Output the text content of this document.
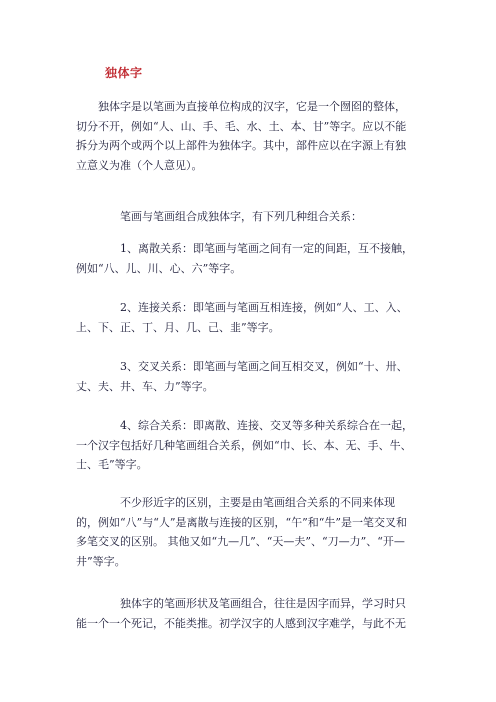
独体字
　　独体字是以笔画为直接单位构成的汉字，它是一个囫囵的整体，
切分不开，例如“人、山、手、毛、水、土、本、甘”等字。应以不能
拆分为两个或两个以上部件为独体字。其中，部件应以在字源上有独
立意义为准（个人意见）。
　　　　笔画与笔画组合成独体字，有下列几种组合关系：
　　　　1、离散关系：即笔画与笔画之间有一定的间距，互不接触，
例如“八、儿、川、心、六”等字。
　　　　2、连接关系：即笔画与笔画互相连接，例如“人、工、入、
上、下、正、丁、月、几、己、韭”等字。
　　　　3、交叉关系：即笔画与笔画之间互相交叉，例如“十、卅、
丈、夫、井、车、力”等字。
　　　　4、综合关系：即离散、连接、交叉等多种关系综合在一起，
一个汉字包括好几种笔画组合关系，例如“巾、长、本、无、手、牛、
士、毛”等字。
　　　　不少形近字的区别，主要是由笔画组合关系的不同来体现
的，例如“八”与“人”是离散与连接的区别，“午”和“牛”是一笔交叉和
多笔交叉的区别。 其他又如“九—几”、“天—夫”、“刀—力”、“开—
井”等字。
　　　　独体字的笔画形状及笔画组合，往往是因字而异，学习时只
能一个一个死记，不能类推。初学汉字的人感到汉字难学，与此不无
